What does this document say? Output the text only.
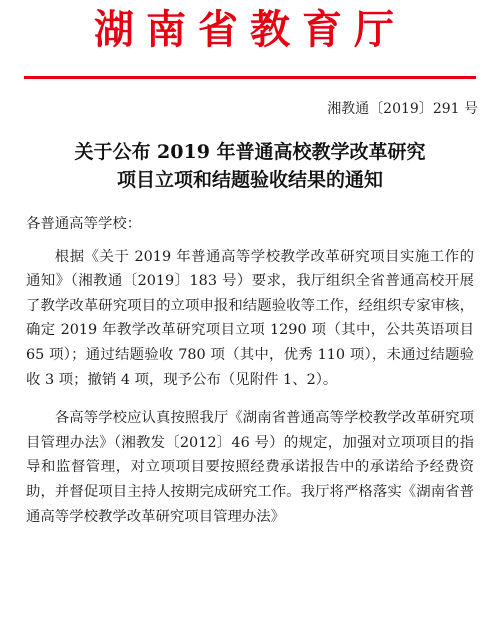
湖南省教育厅
湘教通〔2019〕291 号
关于公布 2019 年普通高校教学改革研究
项目立项和结题验收结果的通知
各普通高等学校：

根据《关于 2019 年普通高等学校教学改革研究项目实施工作的通知》（湘教通〔2019〕183 号）要求，我厅组织全省普通高校开展了教学改革研究项目的立项申报和结题验收等工作，经组织专家审核，确定 2019 年教学改革研究项目立项 1290 项（其中，公共英语项目 65 项）；通过结题验收 780 项（其中，优秀 110 项），未通过结题验收 3 项；撤销 4 项，现予公布（见附件 1、2）。

各高等学校应认真按照我厅《湖南省普通高等学校教学改革研究项目管理办法》（湘教发〔2012〕46 号）的规定，加强对立项项目的指导和监督管理，对立项项目要按照经费承诺报告中的承诺给予经费资助，并督促项目主持人按期完成研究工作。我厅将严格落实《湖南省普通高等学校教学改革研究项目管理办法》
